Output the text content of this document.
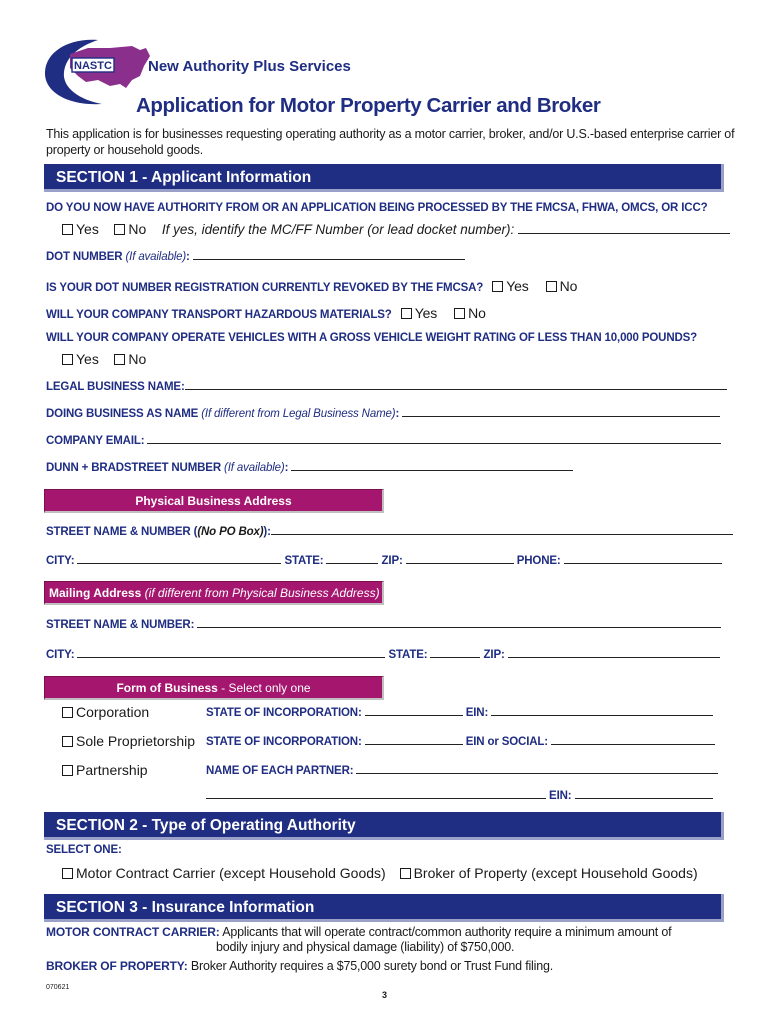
NASTC New Authority Plus Services
Application for Motor Property Carrier and Broker
This application is for businesses requesting operating authority as a motor carrier, broker, and/or U.S.-based enterprise carrier of property or household goods.
SECTION 1 - Applicant Information
DO YOU NOW HAVE AUTHORITY FROM OR AN APPLICATION BEING PROCESSED BY THE FMCSA, FHWA, OMCS, OR ICC?
Yes No If yes, identify the MC/FF Number (or lead docket number):
DOT NUMBER (If available):
IS YOUR DOT NUMBER REGISTRATION CURRENTLY REVOKED BY THE FMCSA? Yes No
WILL YOUR COMPANY TRANSPORT HAZARDOUS MATERIALS? Yes No
WILL YOUR COMPANY OPERATE VEHICLES WITH A GROSS VEHICLE WEIGHT RATING OF LESS THAN 10,000 POUNDS?
Yes No
LEGAL BUSINESS NAME:
DOING BUSINESS AS NAME (If different from Legal Business Name):
COMPANY EMAIL:
DUNN + BRADSTREET NUMBER (If available):
Physical Business Address
STREET NAME & NUMBER ((No PO Box)):
CITY:	STATE:	ZIP:	PHONE:
Mailing Address (if different from Physical Business Address)
STREET NAME & NUMBER:
CITY:	STATE:	ZIP:
Form of Business - Select only one
Corporation	STATE OF INCORPORATION:	EIN:
Sole Proprietorship STATE OF INCORPORATION:	EIN or SOCIAL:
Partnership	NAME OF EACH PARTNER:
EIN:
SECTION 2 - Type of Operating Authority
SELECT ONE:
Motor Contract Carrier (except Household Goods) Broker of Property (except Household Goods)
SECTION 3 - Insurance Information
MOTOR CONTRACT CARRIER: Applicants that will operate contract/common authority require a minimum amount of
bodily injury and physical damage (liability) of $750,000.
BROKER OF PROPERTY: Broker Authority requires a $75,000 surety bond or Trust Fund filing.
070621
3
